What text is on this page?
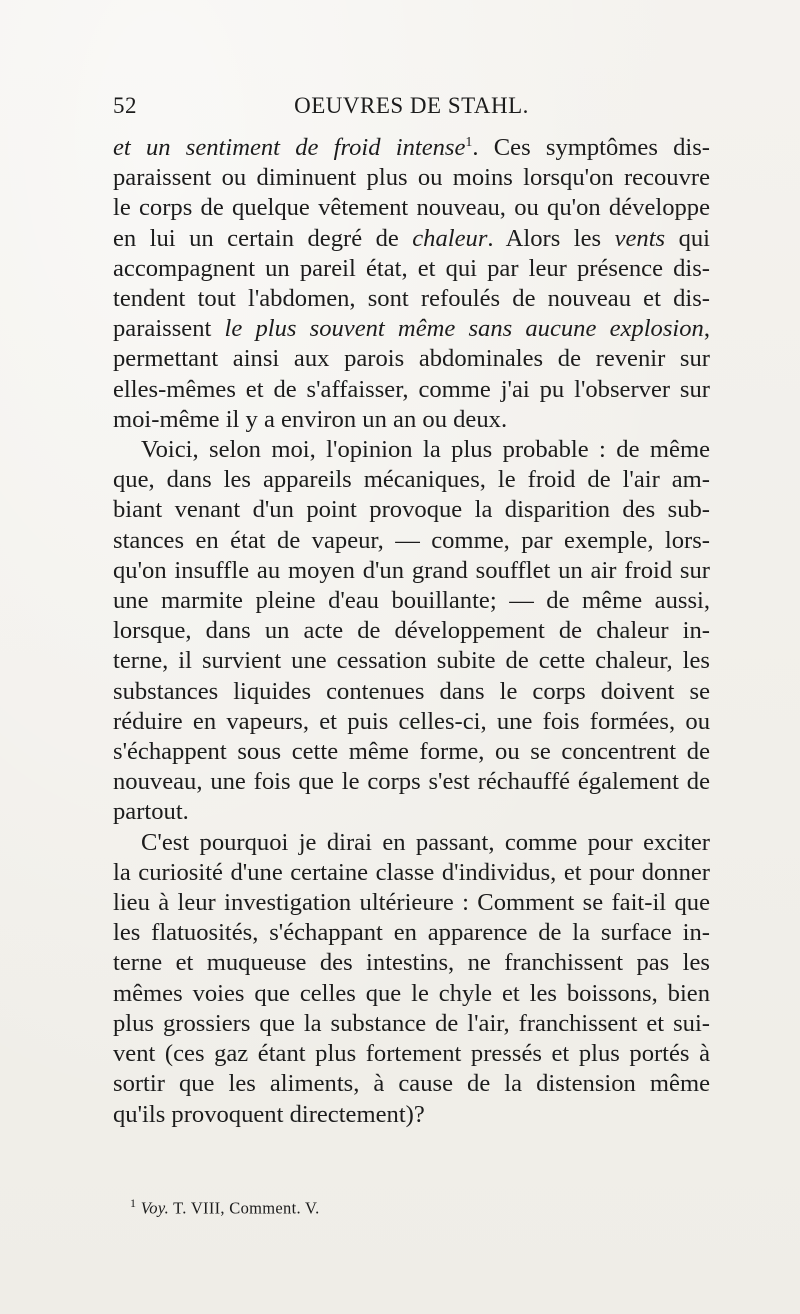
52	OEUVRES DE STAHL.
et un sentiment de froid intense$^1$. Ces symptômes dis-
paraissent ou diminuent plus ou moins lorsqu'on recouvre
le corps de quelque vêtement nouveau, ou qu'on développe
en lui un certain degré de chaleur. Alors les vents qui
accompagnent un pareil état, et qui par leur présence dis-
tendent tout l'abdomen, sont refoulés de nouveau et dis-
paraissent le plus souvent même sans aucune explosion,
permettant ainsi aux parois abdominales de revenir sur
elles-mêmes et de s'affaisser, comme j'ai pu l'observer sur
moi-même il y a environ un an ou deux.
Voici, selon moi, l'opinion la plus probable : de même
que, dans les appareils mécaniques, le froid de l'air am-
biant venant d'un point provoque la disparition des sub-
stances en état de vapeur, — comme, par exemple, lors-
qu'on insuffle au moyen d'un grand soufflet un air froid sur
une marmite pleine d'eau bouillante; — de même aussi,
lorsque, dans un acte de développement de chaleur in-
terne, il survient une cessation subite de cette chaleur, les
substances liquides contenues dans le corps doivent se
réduire en vapeurs, et puis celles-ci, une fois formées, ou
s'échappent sous cette même forme, ou se concentrent de
nouveau, une fois que le corps s'est réchauffé également de
partout.
C'est pourquoi je dirai en passant, comme pour exciter
la curiosité d'une certaine classe d'individus, et pour donner
lieu à leur investigation ultérieure : Comment se fait-il que
les flatuosités, s'échappant en apparence de la surface in-
terne et muqueuse des intestins, ne franchissent pas les
mêmes voies que celles que le chyle et les boissons, bien
plus grossiers que la substance de l'air, franchissent et sui-
vent (ces gaz étant plus fortement pressés et plus portés à
sortir que les aliments, à cause de la distension même
qu'ils provoquent directement)?
$^1$ Voy. T. VIII, Comment. V.
